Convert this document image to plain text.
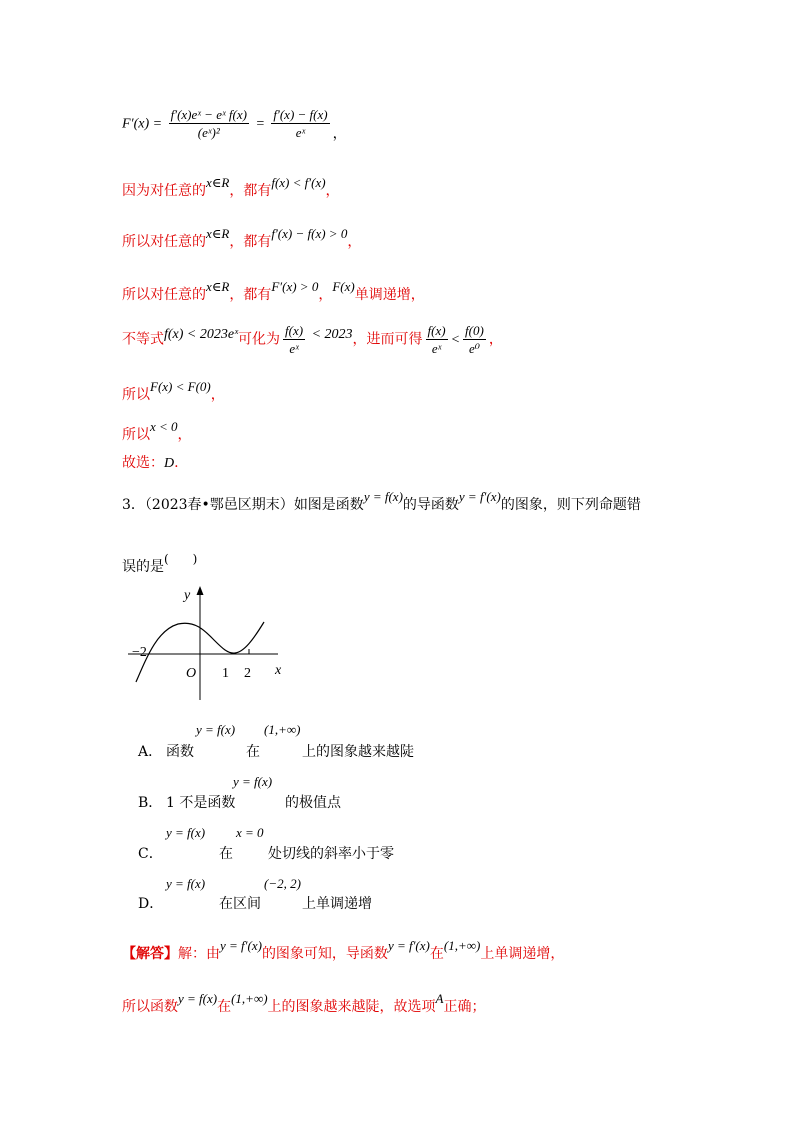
$F'(x) = \frac{\text{f′(x)eˣ − eˣ f(x)}}{\text{(eˣ)²}} = \frac{f'(x) - f(x)}{\text{eˣ}}$ ，
因为对任意的x∈R，都有f(x) < f′(x)，
所以对任意的x∈R，都有f′(x) − f(x) > 0，
所以对任意的x∈R，都有F′(x) > 0，F(x)单调递增，
不等式f(x) < 2023eˣ可化为 $\frac{f(x)}{\text{eˣ}} < 2023$，进而可得 $\frac{f(x)}{\text{eˣ}} < \frac{f(0)}{\text{e⁰}}$ ，
所以F(x) < F(0)，
所以x < 0，
故选：D.
3．（2023春•鄂邑区期末）如图是函数y = f(x)的导函数y = f′(x)的图象，则下列命题错
误的是(　　)
y
x
O
−2
1 2
A． 函数
y = f(x)
在
(1,+∞)
上的图象越来越陡
B． 1 不是函数
y = f(x)
的极值点
C．
y = f(x)
在
x = 0
处切线的斜率小于零
D．
y = f(x)
在区间
(−2, 2)
上单调递增
【解答】解：由y = f′(x)的图象可知，导函数y = f′(x)在(1,+∞)上单调递增，
所以函数y = f(x)在(1,+∞)上的图象越来越陡，故选项A正确；
